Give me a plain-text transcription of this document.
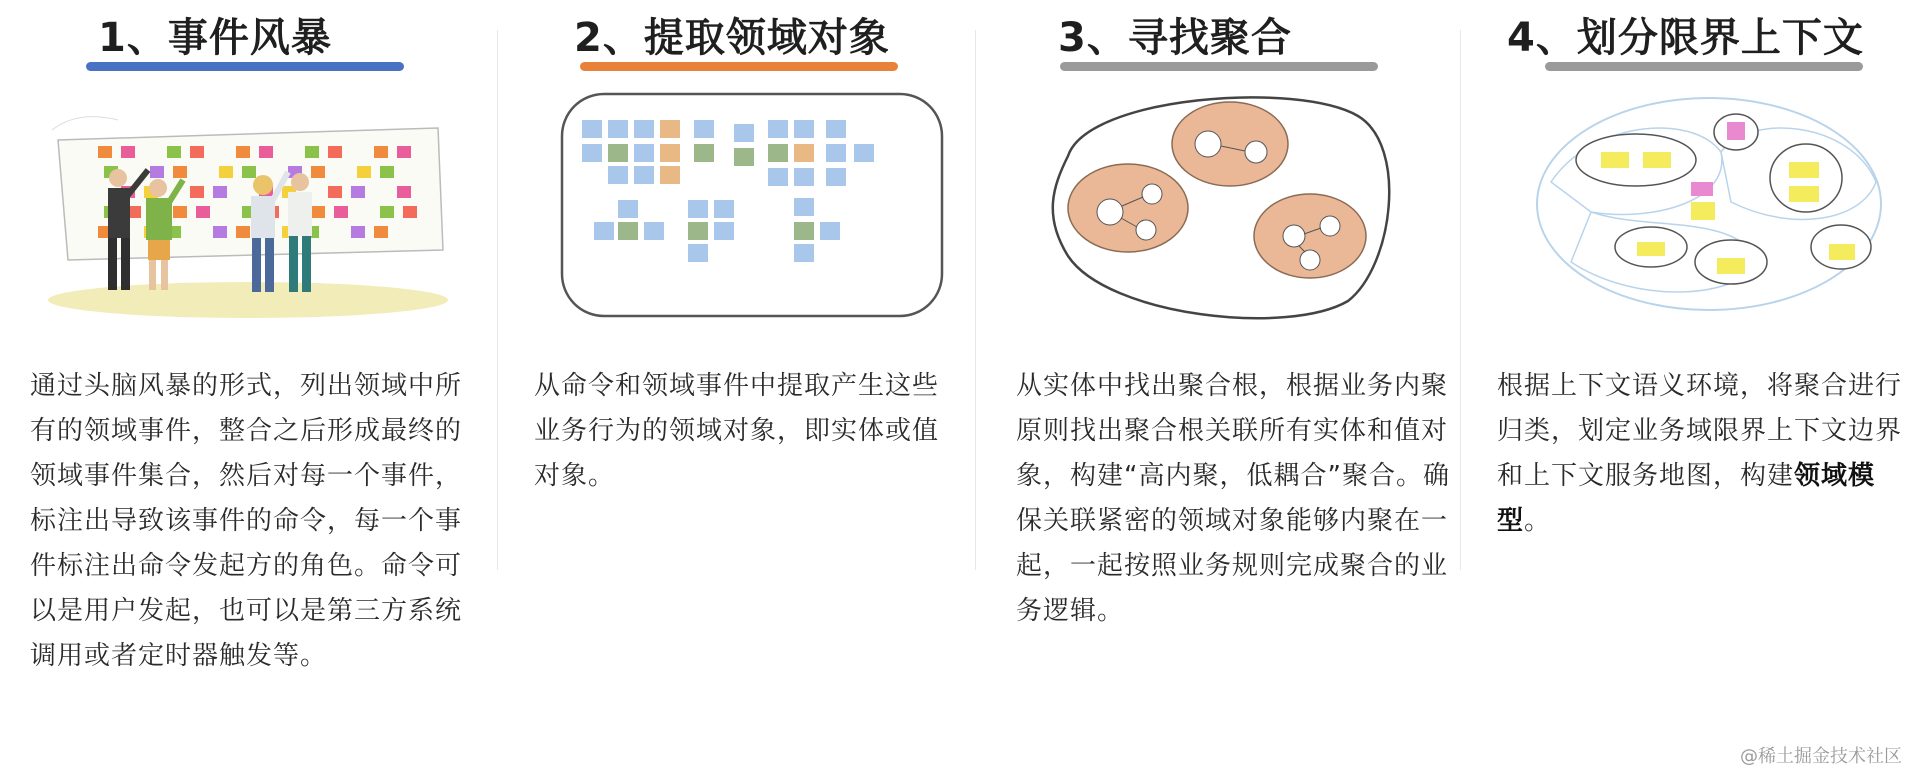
1、事件风暴
通过头脑风暴的形式，列出领域中所有的领域事件，整合之后形成最终的领域事件集合，然后对每一个事件，标注出导致该事件的命令，每一个事件标注出命令发起方的角色。命令可以是用户发起，也可以是第三方系统调用或者定时器触发等。
2、提取领域对象
从命令和领域事件中提取产生这些业务行为的领域对象，即实体或值对象。
3、寻找聚合
从实体中找出聚合根，根据业务内聚原则找出聚合根关联所有实体和值对象，构建“高内聚，低耦合”聚合。确保关联紧密的领域对象能够内聚在一起，一起按照业务规则完成聚合的业务逻辑。
4、划分限界上下文
根据上下文语义环境，将聚合进行归类，划定业务域限界上下文边界和上下文服务地图，构建领域模型。
@稀土掘金技术社区
